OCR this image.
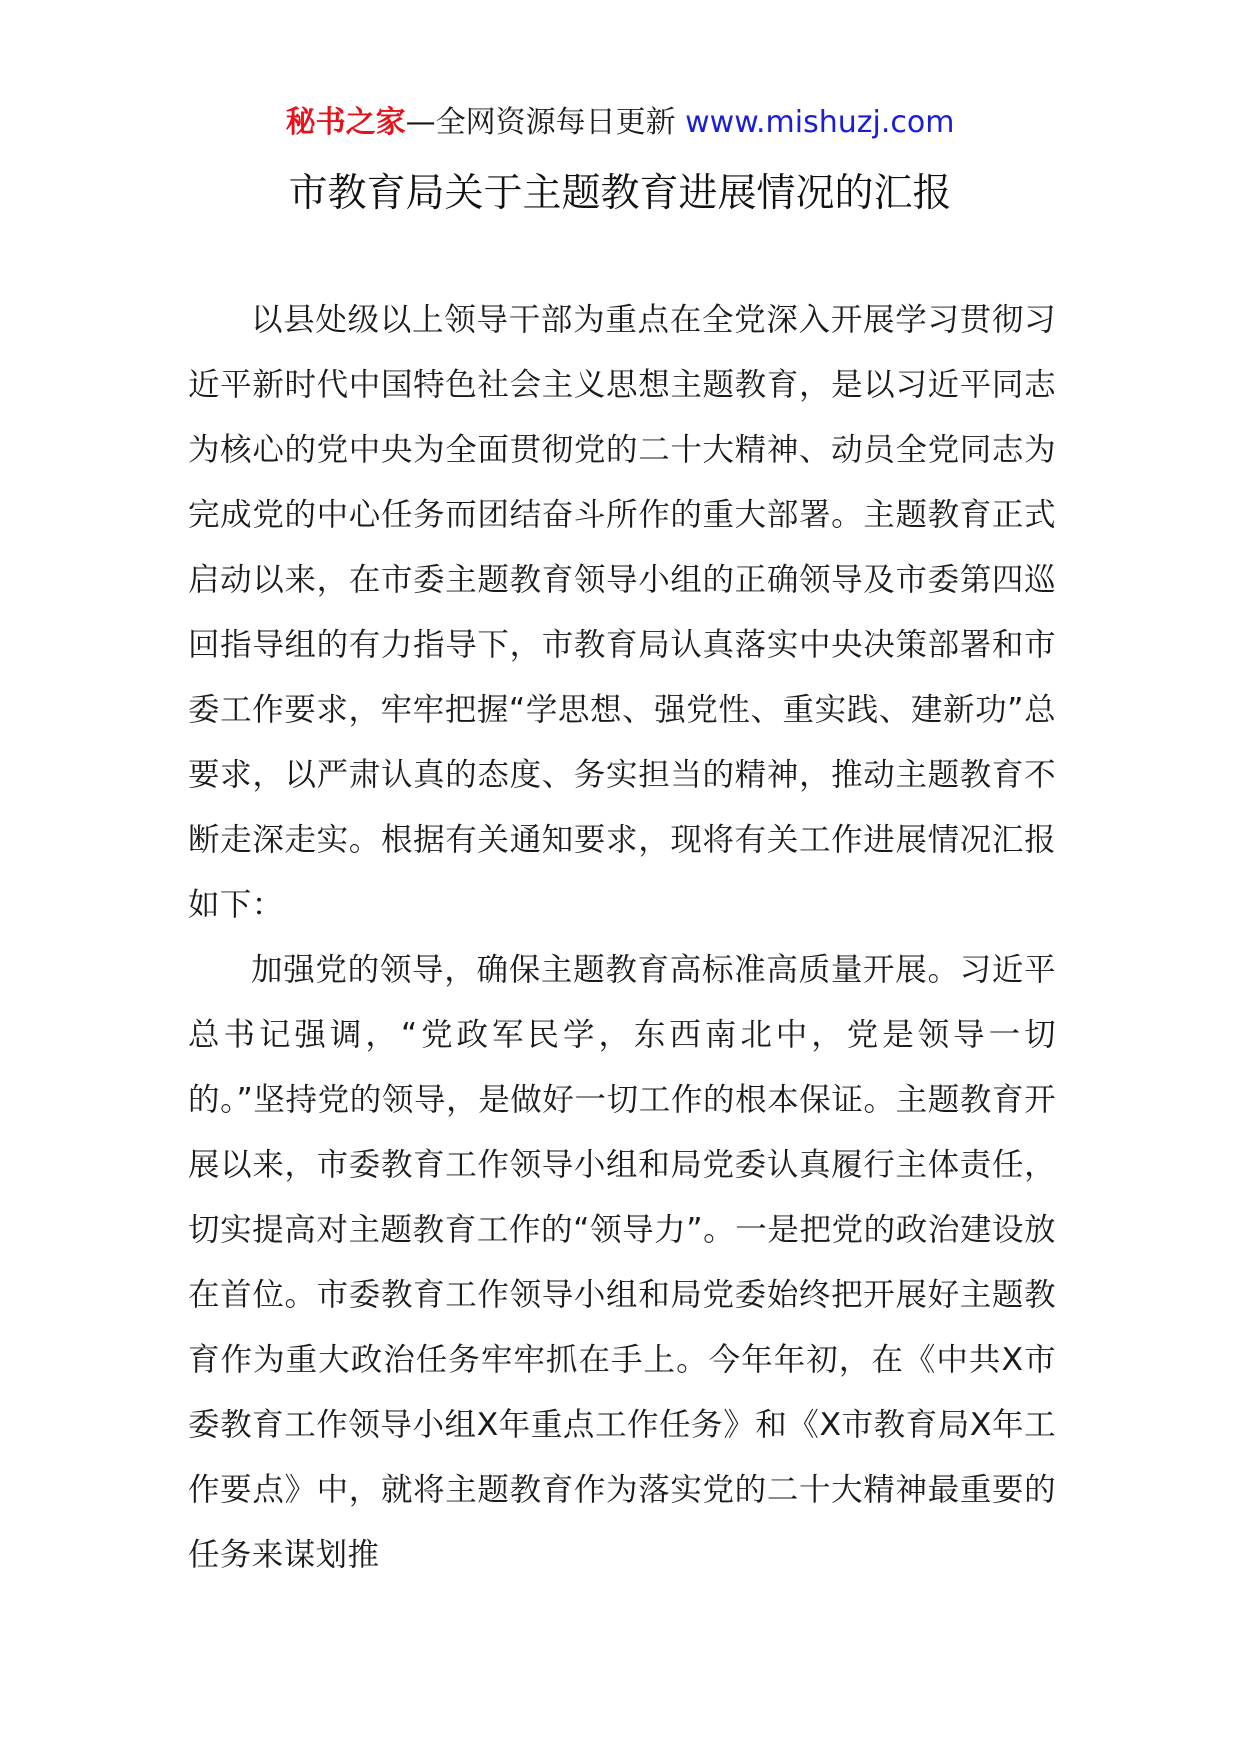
秘书之家—全网资源每日更新 www.mishuzj.com
市教育局关于主题教育进展情况的汇报

以县处级以上领导干部为重点在全党深入开展学习贯彻习近平新时代中国特色社会主义思想主题教育，是以习近平同志为核心的党中央为全面贯彻党的二十大精神、动员全党同志为完成党的中心任务而团结奋斗所作的重大部署。主题教育正式启动以来，在市委主题教育领导小组的正确领导及市委第四巡回指导组的有力指导下，市教育局认真落实中央决策部署和市委工作要求，牢牢把握“学思想、强党性、重实践、建新功”总要求，以严肃认真的态度、务实担当的精神，推动主题教育不断走深走实。根据有关通知要求，现将有关工作进展情况汇报如下：

加强党的领导，确保主题教育高标准高质量开展。习近平总书记强调，“党政军民学，东西南北中，党是领导一切的。”坚持党的领导，是做好一切工作的根本保证。主题教育开展以来，市委教育工作领导小组和局党委认真履行主体责任，切实提高对主题教育工作的“领导力”。一是把党的政治建设放在首位。市委教育工作领导小组和局党委始终把开展好主题教育作为重大政治任务牢牢抓在手上。今年年初，在《中共X市委教育工作领导小组X年重点工作任务》和《X市教育局X年工作要点》中，就将主题教育作为落实党的二十大精神最重要的任务来谋划推
